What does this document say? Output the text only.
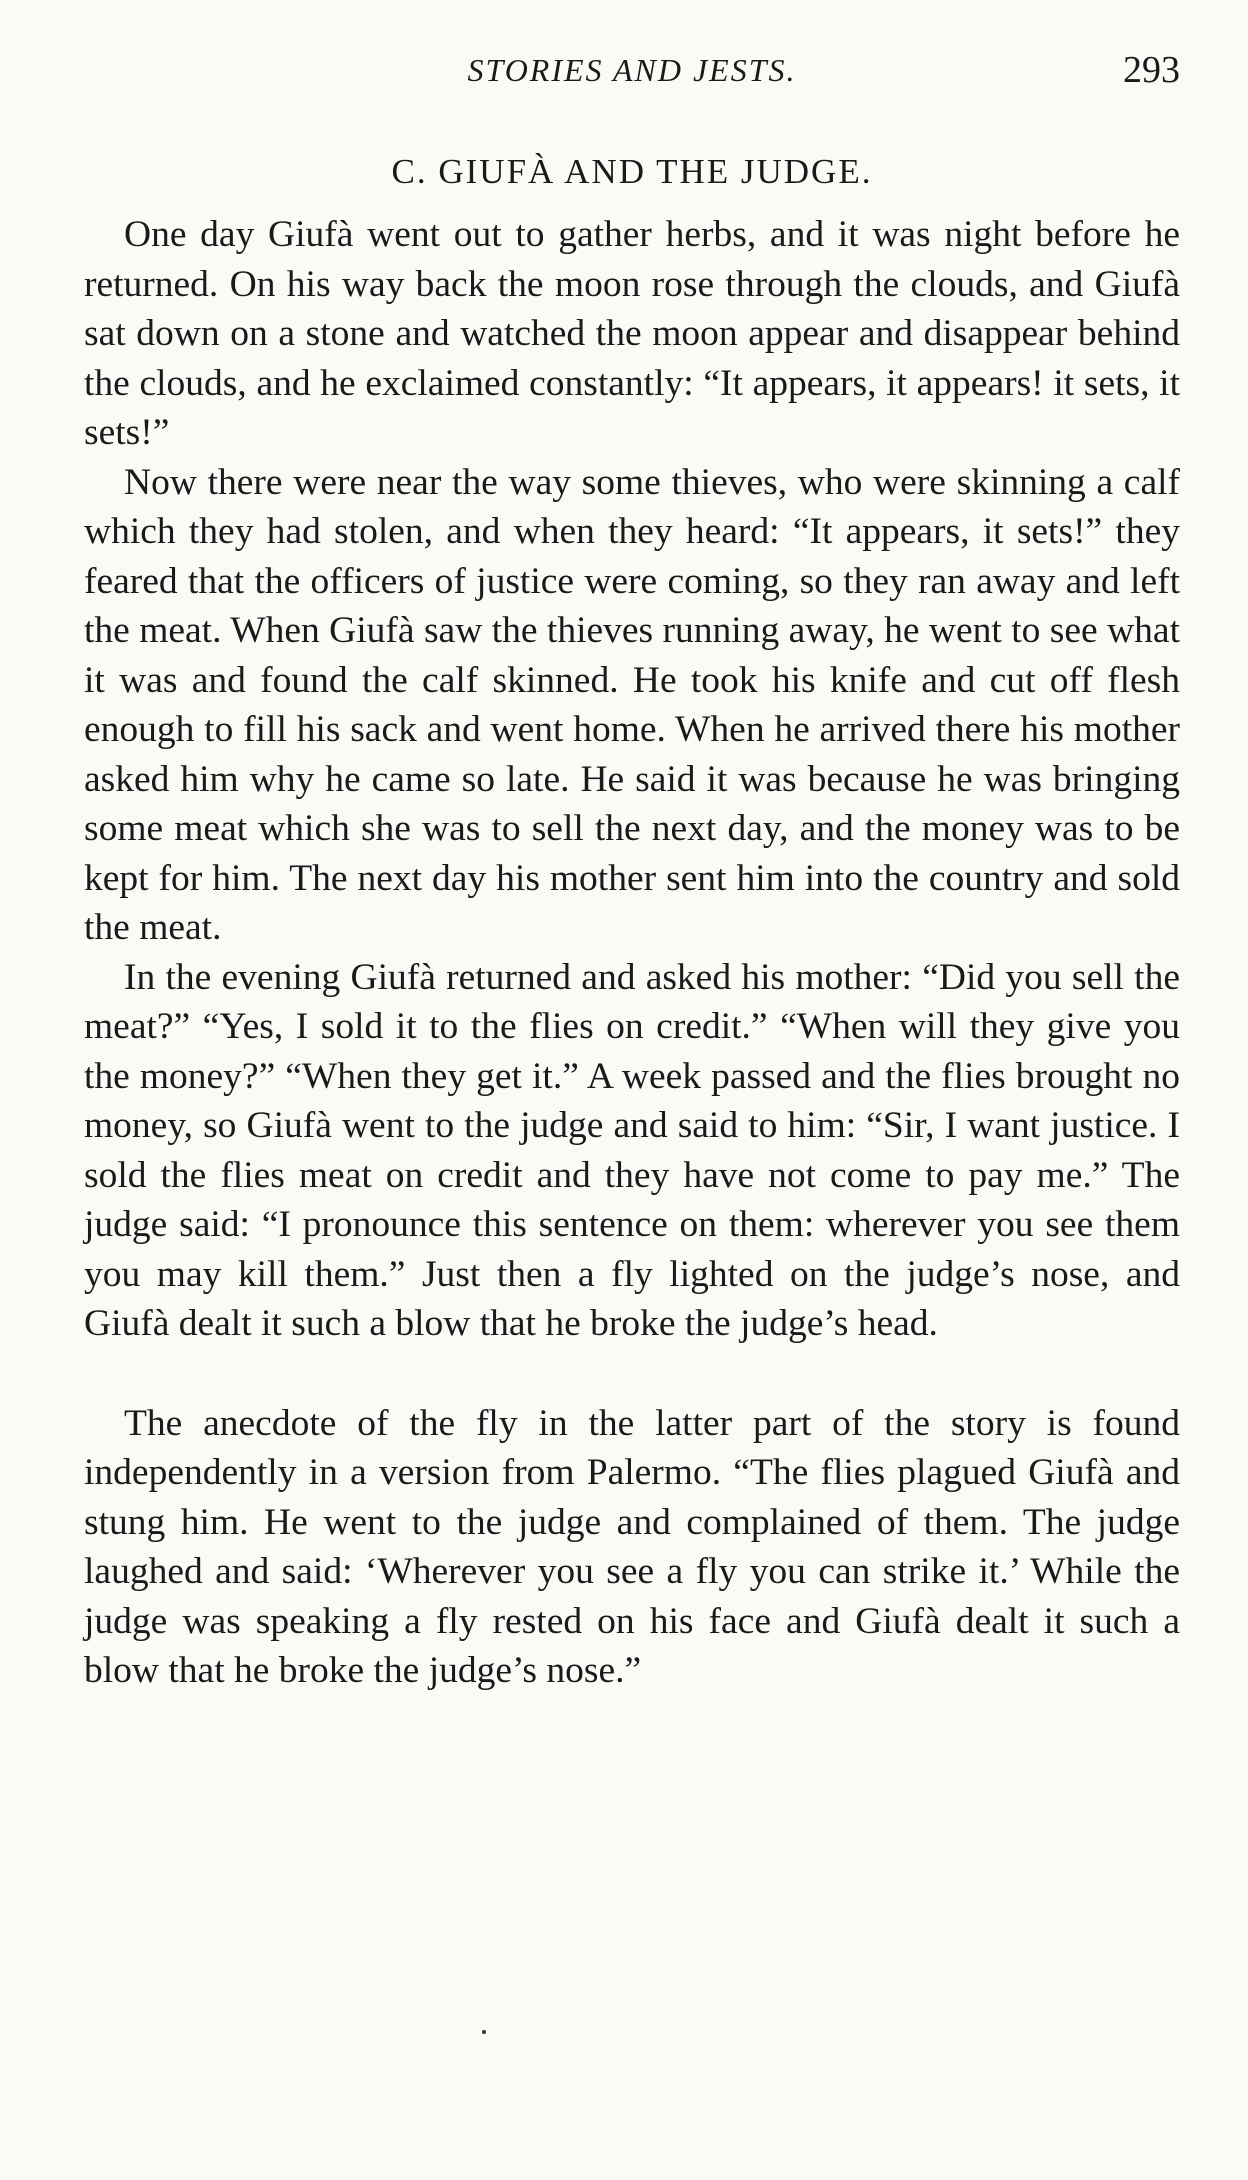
STORIES AND JESTS.	293
C. GIUFÀ AND THE JUDGE.

One day Giufà went out to gather herbs, and it was night before he returned. On his way back the moon rose through the clouds, and Giufà sat down on a stone and watched the moon appear and disappear behind the clouds, and he exclaimed constantly: “It appears, it appears! it sets, it sets!”

Now there were near the way some thieves, who were skinning a calf which they had stolen, and when they heard: “It appears, it sets!” they feared that the officers of justice were coming, so they ran away and left the meat. When Giufà saw the thieves running away, he went to see what it was and found the calf skinned. He took his knife and cut off flesh enough to fill his sack and went home. When he arrived there his mother asked him why he came so late. He said it was because he was bringing some meat which she was to sell the next day, and the money was to be kept for him. The next day his mother sent him into the country and sold the meat.

In the evening Giufà returned and asked his mother: “Did you sell the meat?” “Yes, I sold it to the flies on credit.” “When will they give you the money?” “When they get it.” A week passed and the flies brought no money, so Giufà went to the judge and said to him: “Sir, I want justice. I sold the flies meat on credit and they have not come to pay me.” The judge said: “I pronounce this sentence on them: wherever you see them you may kill them.” Just then a fly lighted on the judge’s nose, and Giufà dealt it such a blow that he broke the judge’s head.

The anecdote of the fly in the latter part of the story is found independently in a version from Palermo. “The flies plagued Giufà and stung him. He went to the judge and complained of them. The judge laughed and said: ‘Wherever you see a fly you can strike it.’ While the judge was speaking a fly rested on his face and Giufà dealt it such a blow that he broke the judge’s nose.”
